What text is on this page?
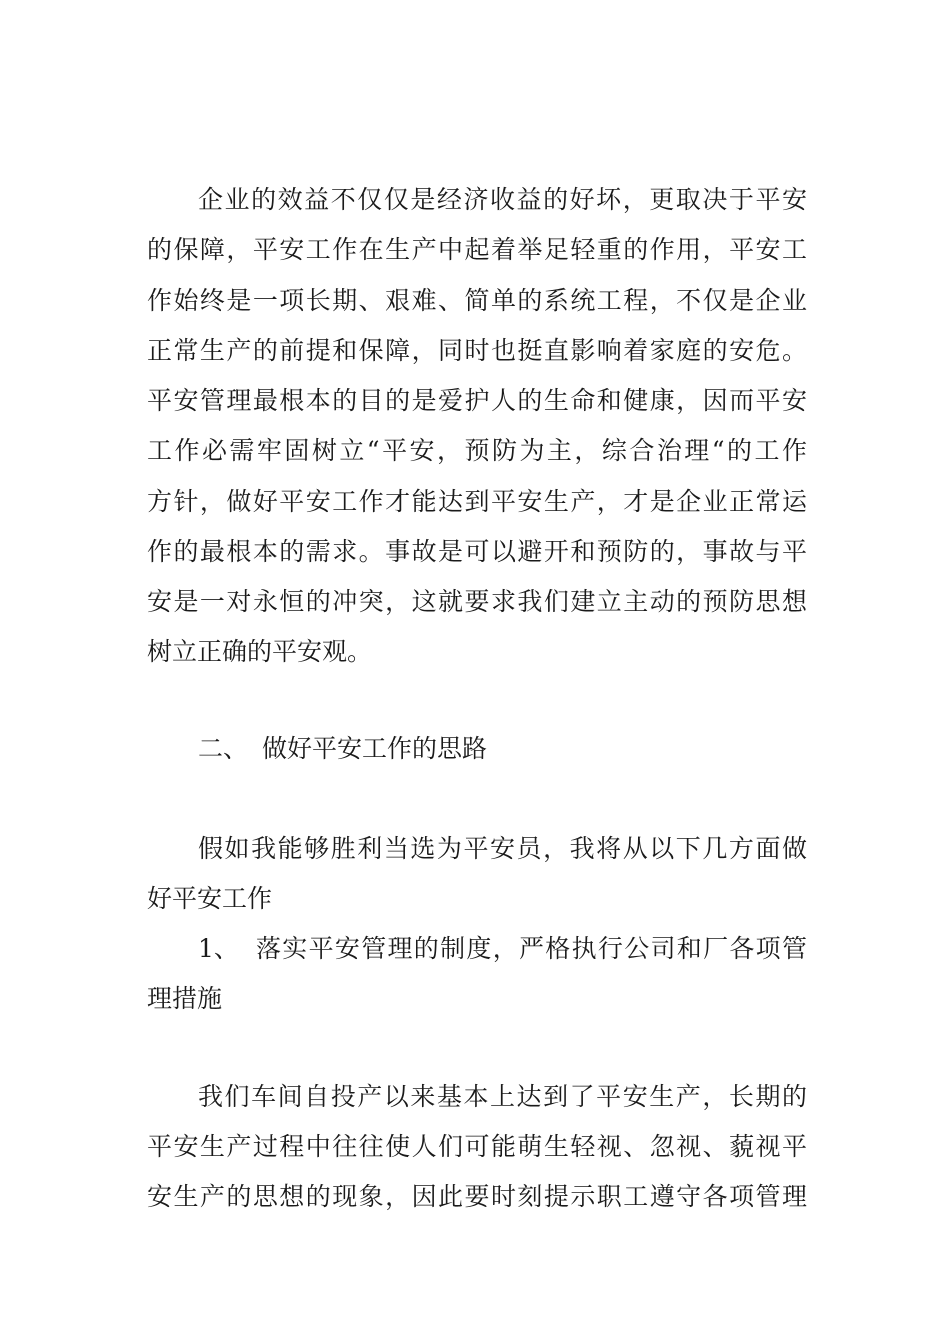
企业的效益不仅仅是经济收益的好坏，更取决于平安
的保障，平安工作在生产中起着举足轻重的作用，平安工
作始终是一项长期、艰难、简单的系统工程，不仅是企业
正常生产的前提和保障，同时也挺直影响着家庭的安危。
平安管理最根本的目的是爱护人的生命和健康，因而平安
工作必需牢固树立“平安，预防为主，综合治理“的工作
方针，做好平安工作才能达到平安生产，才是企业正常运
作的最根本的需求。事故是可以避开和预防的，事故与平
安是一对永恒的冲突，这就要求我们建立主动的预防思想
树立正确的平安观。
二、 做好平安工作的思路
假如我能够胜利当选为平安员，我将从以下几方面做
好平安工作
1、 落实平安管理的制度，严格执行公司和厂各项管
理措施
我们车间自投产以来基本上达到了平安生产，长期的
平安生产过程中往往使人们可能萌生轻视、忽视、藐视平
安生产的思想的现象，因此要时刻提示职工遵守各项管理
